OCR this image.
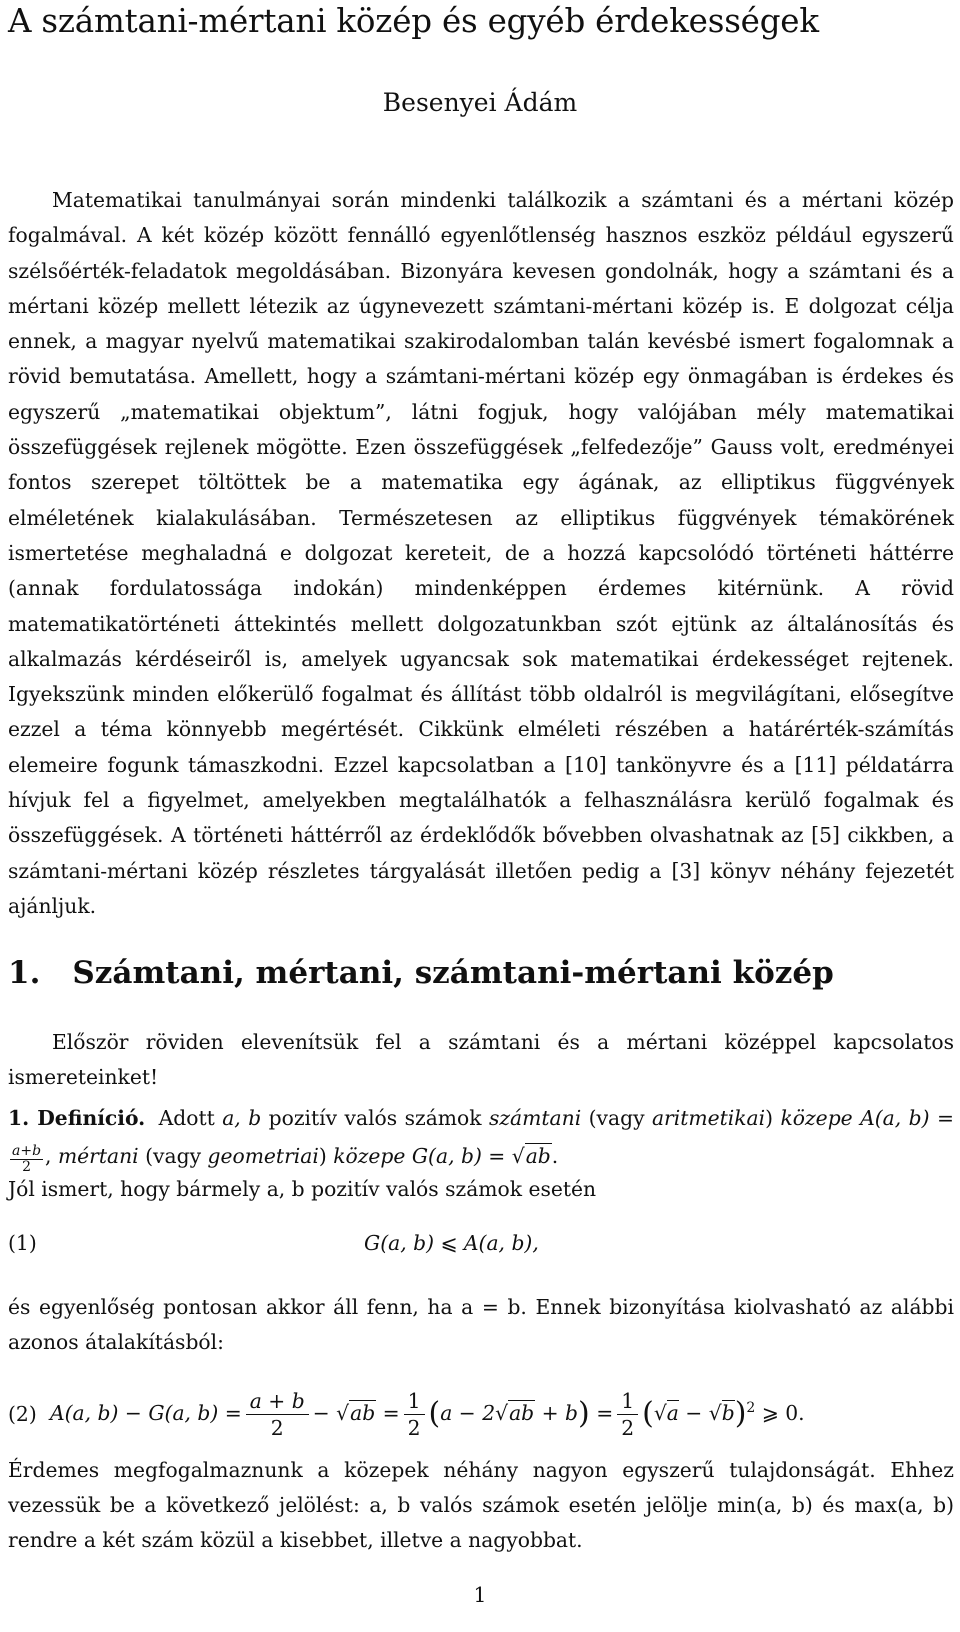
A számtani-mértani közép és egyéb érdekességek

Besenyei Ádám

Matematikai tanulmányai során mindenki találkozik a számtani és a mértani közép fogalmával. A két közép között fennálló egyenlőtlenség hasznos eszköz például egyszerű szélsőérték-feladatok megoldásában. Bizonyára kevesen gondolnák, hogy a számtani és a mértani közép mellett létezik az úgynevezett számtani-mértani közép is. E dolgozat célja ennek, a magyar nyelvű matematikai szakirodalomban talán kevésbé ismert fogalomnak a rövid bemutatása. Amellett, hogy a számtani-mértani közép egy önmagában is érdekes és egyszerű „matematikai objektum”, látni fogjuk, hogy valójában mély matematikai összefüggések rejlenek mögötte. Ezen összefüggések „felfedezője” Gauss volt, eredményei fontos szerepet töltöttek be a matematika egy ágának, az elliptikus függvények elméletének kialakulásában. Természetesen az elliptikus függvények témakörének ismertetése meghaladná e dolgozat kereteit, de a hozzá kapcsolódó történeti háttérre (annak fordulatossága indokán) mindenképpen érdemes kitérnünk. A rövid matematikatörténeti áttekintés mellett dolgozatunkban szót ejtünk az általánosítás és alkalmazás kérdéseiről is, amelyek ugyancsak sok matematikai érdekességet rejtenek. Igyekszünk minden előkerülő fogalmat és állítást több oldalról is megvilágítani, elősegítve ezzel a téma könnyebb megértését. Cikkünk elméleti részében a határérték-számítás elemeire fogunk támaszkodni. Ezzel kapcsolatban a [10] tankönyvre és a [11] példatárra hívjuk fel a figyelmet, amelyekben megtalálhatók a felhasználásra kerülő fogalmak és összefüggések. A történeti háttérről az érdeklődők bővebben olvashatnak az [5] cikkben, a számtani-mértani közép részletes tárgyalását illetően pedig a [3] könyv néhány fejezetét ajánljuk.

1. Számtani, mértani, számtani-mértani közép

Először röviden elevenítsük fel a számtani és a mértani középpel kapcsolatos ismereteinket!

1. Definíció. Adott a, b pozitív valós számok számtani (vagy aritmetikai) közepe A(a, b) =
$\frac{a+b}{2}$ , mértani (vagy geometriai) közepe G(a, b) = √ab.

Jól ismert, hogy bármely a, b pozitív valós számok esetén

(1)	G(a, b) ⩽ A(a, b),

és egyenlőség pontosan akkor áll fenn, ha a = b. Ennek bizonyítása kiolvasható az alábbi azonos átalakításból:

(2) A(a, b) − G(a, $b) = \frac{a + b}{2} - √ab = \frac{1}{2} (a - 2√ab + b) = \frac{1}{2} (√a - √b)^2$ ⩾ 0.

Érdemes megfogalmaznunk a közepek néhány nagyon egyszerű tulajdonságát. Ehhez vezessük be a következő jelölést: a, b valós számok esetén jelölje min(a, b) és max(a, b) rendre a két szám közül a kisebbet, illetve a nagyobbat.

1
